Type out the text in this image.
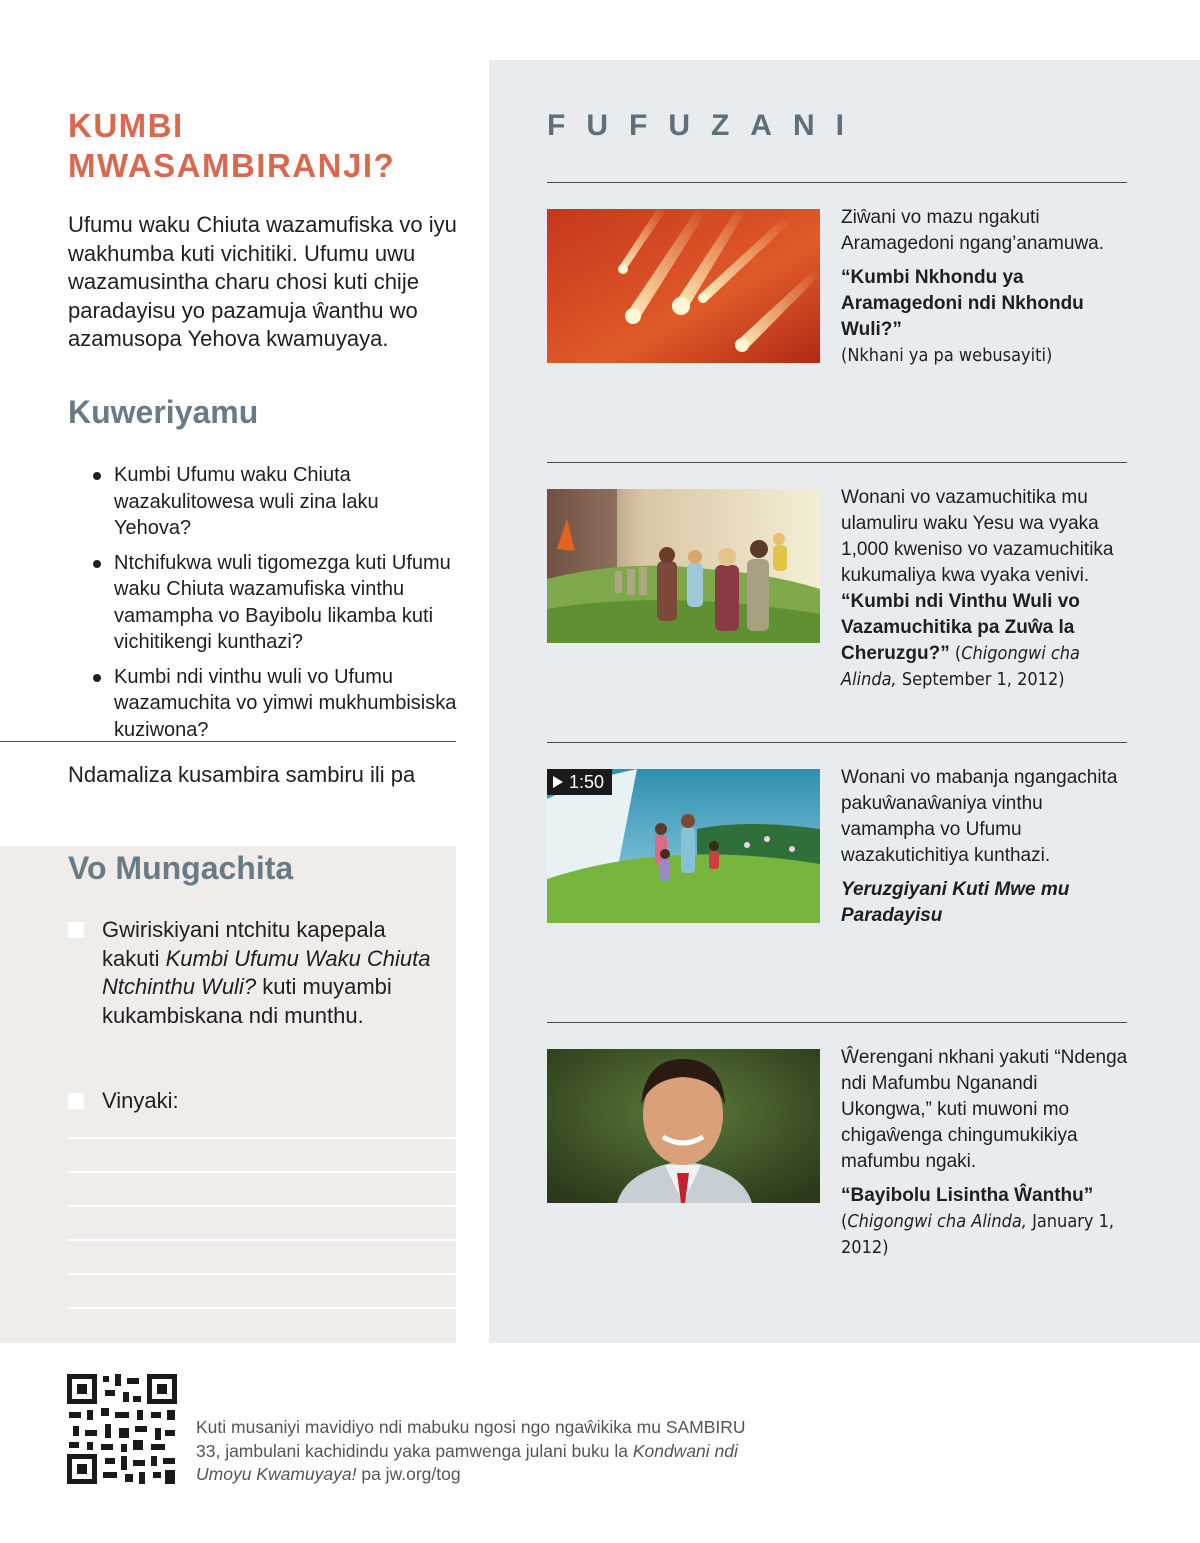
KUMBI
MWASAMBIRANJI?

Ufumu waku Chiuta wazamufiska vo iyu wakhumba kuti vichitiki. Ufumu uwu wazamusintha charu chosi kuti chije paradayisu yo pazamuja ŵanthu wo azamusopa Yehova kwamuyaya.

Kuweriyamu
Kumbi Ufumu waku Chiuta wazakulitowesa wuli zina laku Yehova?
Ntchifukwa wuli tigomezga kuti Ufumu waku Chiuta wazamufiska vinthu vamampha vo Bayibolu likamba kuti vichitikengi kunthazi?
Kumbi ndi vinthu wuli vo Ufumu wazamuchita vo yimwi mukhumbisiska kuziwona?

Ndamaliza kusambira sambiru ili pa

Vo Mungachita
Gwiriskiyani ntchitu kapepala kakuti Kumbi Ufumu Waku Chiuta Ntchinthu Wuli? kuti muyambi kukambiskana ndi munthu.
Vinyaki:
FUFUZANI

Ziŵani vo mazu ngakuti Aramagedoni ngang’anamuwa.

“Kumbi Nkhondu ya Aramagedoni ndi Nkhondu Wuli?”

(Nkhani ya pa webusayiti)

Wonani vo vazamuchitika mu ulamuliru waku Yesu wa vyaka 1,000 kweniso vo vazamuchitika kukumaliya kwa vyaka venivi.

“Kumbi ndi Vinthu Wuli vo Vazamuchitika pa Zuŵa la Cheruzgu?”

(Chigongwi cha Alinda, September 1, 2012)
1:50	Wonani vo mabanja ngangachita pakuŵanaŵaniya vinthu vamampha vo Ufumu wazakutichitiya kunthazi.

Yeruzgiyani Kuti Mwe mu Paradayisu

Ŵerengani nkhani yakuti “Ndenga ndi Mafumbu Nganandi Ukongwa,” kuti muwoni mo chigaŵenga chingumukikiya mafumbu ngaki.

“Bayibolu Lisintha Ŵanthu”

(Chigongwi cha Alinda, January 1, 2012)

Kuti musaniyi mavidiyo ndi mabuku ngosi ngo ngaŵikika mu SAMBIRU 33, jambulani kachidindu yaka pamwenga julani buku la Kondwani ndi Umoyu Kwamuyaya! pa jw.org/tog
